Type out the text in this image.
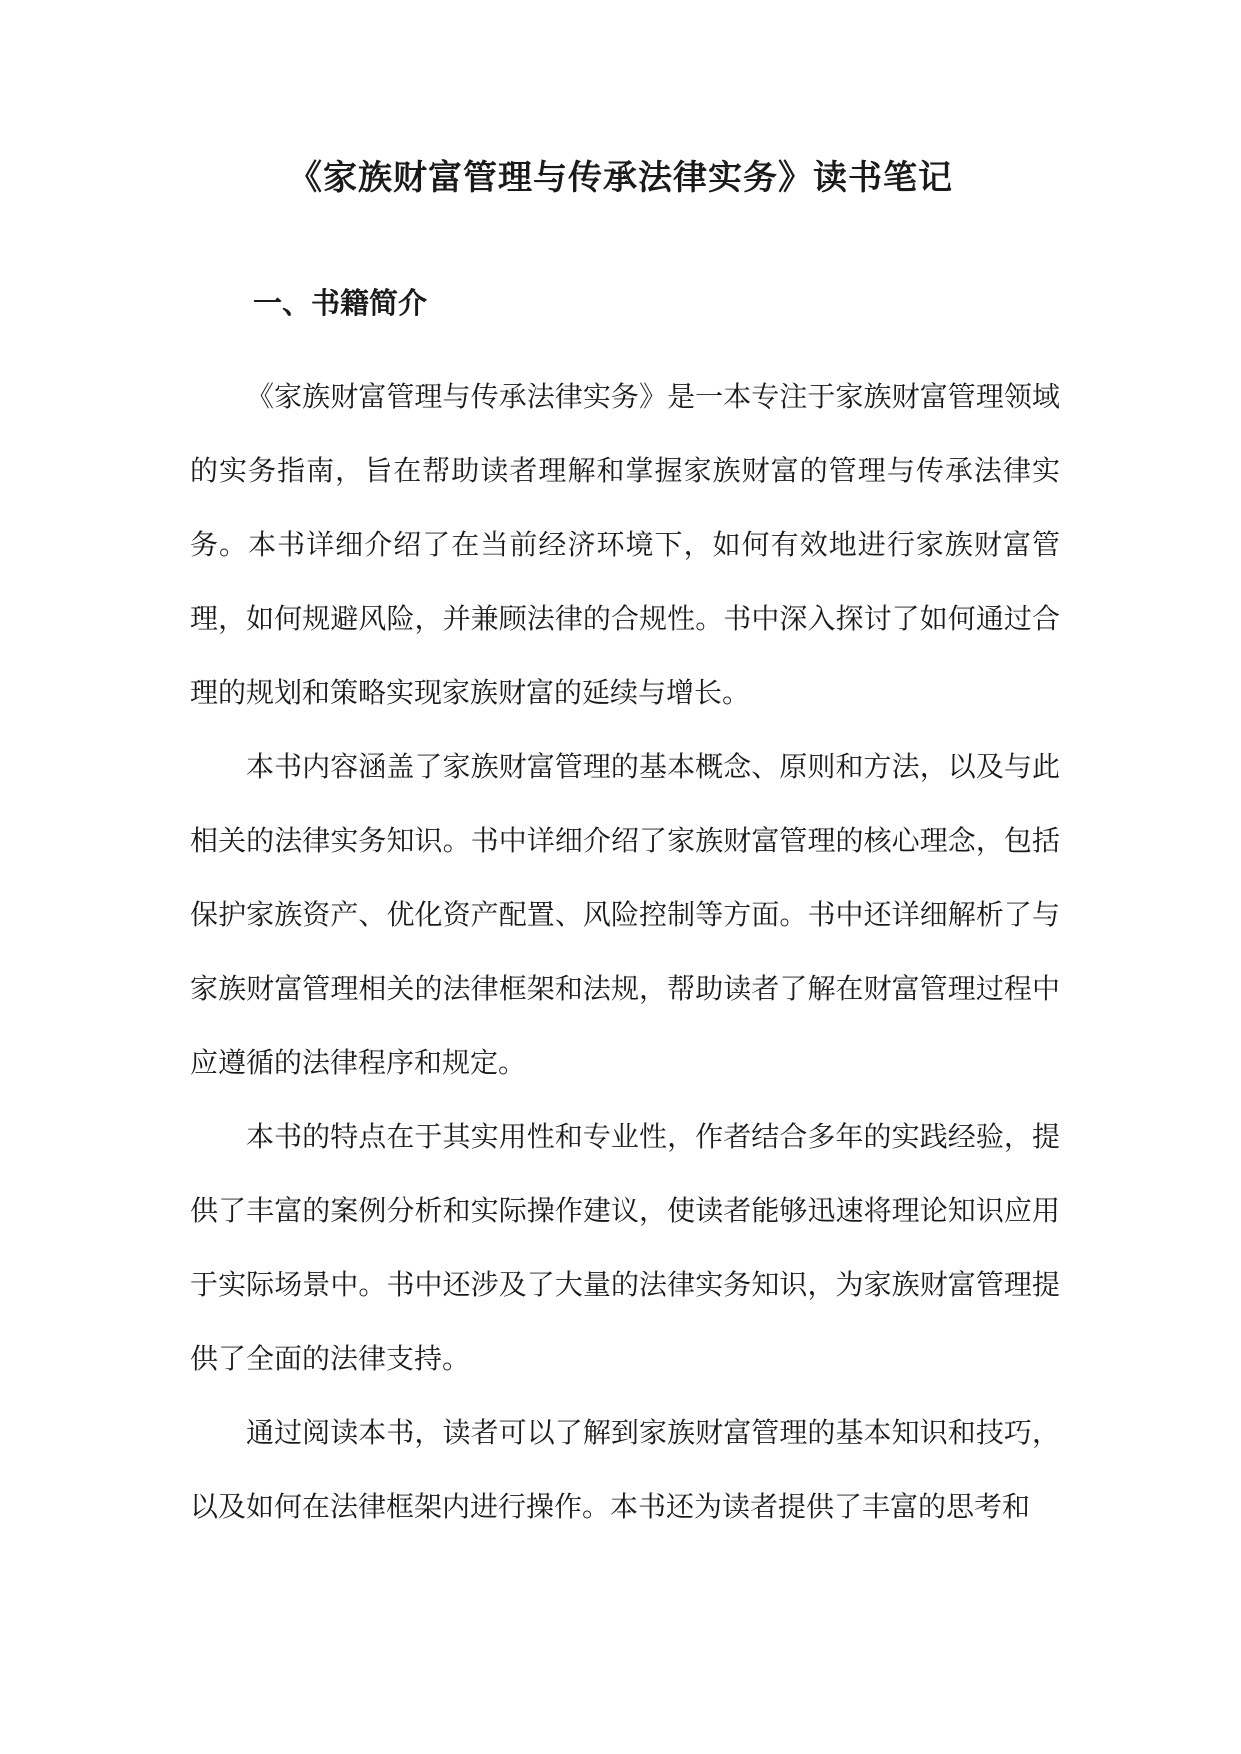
《家族财富管理与传承法律实务》读书笔记
一、书籍简介

《家族财富管理与传承法律实务》是一本专注于家族财富管理领域的实务指南，旨在帮助读者理解和掌握家族财富的管理与传承法律实务。本书详细介绍了在当前经济环境下，如何有效地进行家族财富管理，如何规避风险，并兼顾法律的合规性。书中深入探讨了如何通过合理的规划和策略实现家族财富的延续与增长。

本书内容涵盖了家族财富管理的基本概念、原则和方法，以及与此相关的法律实务知识。书中详细介绍了家族财富管理的核心理念，包括保护家族资产、优化资产配置、风险控制等方面。书中还详细解析了与家族财富管理相关的法律框架和法规，帮助读者了解在财富管理过程中应遵循的法律程序和规定。

本书的特点在于其实用性和专业性，作者结合多年的实践经验，提供了丰富的案例分析和实际操作建议，使读者能够迅速将理论知识应用于实际场景中。书中还涉及了大量的法律实务知识，为家族财富管理提供了全面的法律支持。

通过阅读本书，读者可以了解到家族财富管理的基本知识和技巧，以及如何在法律框架内进行操作。本书还为读者提供了丰富的思考和
